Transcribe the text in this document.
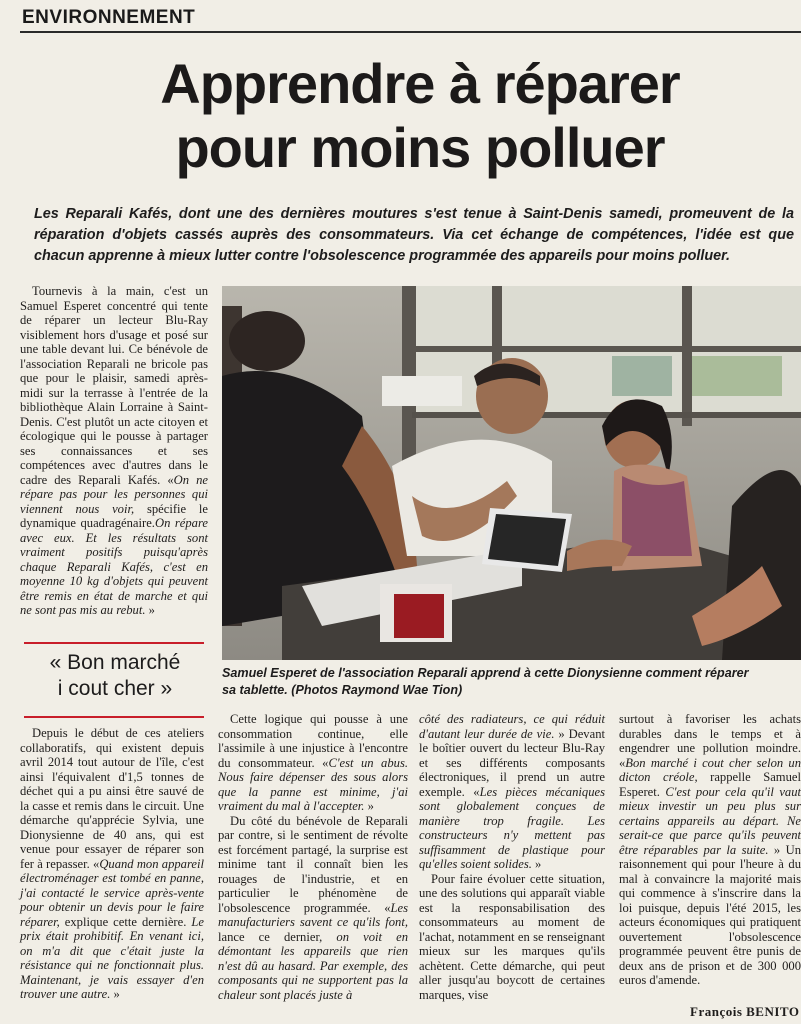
ENVIRONNEMENT
Apprendre à réparer
pour moins polluer
Les Reparali Kafés, dont une des dernières moutures s'est tenue à Saint-Denis samedi, promeuvent de la réparation d'objets cassés auprès des consommateurs. Via cet échange de compétences, l'idée est que chacun apprenne à mieux lutter contre l'obsolescence programmée des appareils pour moins polluer.

Tournevis à la main, c'est un Samuel Esperet concentré qui tente de réparer un lecteur Blu-Ray visiblement hors d'usage et posé sur une table devant lui. Ce bénévole de l'association Reparali ne bricole pas que pour le plaisir, samedi après-midi sur la terrasse à l'entrée de la bibliothèque Alain Lorraine à Saint-Denis. C'est plutôt un acte citoyen et écologique qui le pousse à partager ses connaissances et ses compétences avec d'autres dans le cadre des Reparali Kafés. «On ne répare pas pour les personnes qui viennent nous voir, spécifie le dynamique quadragénaire.On répare avec eux. Et les résultats sont vraiment positifs puisqu'après chaque Reparali Kafés, c'est en moyenne 10 kg d'objets qui peuvent être remis en état de marche et qui ne sont pas mis au rebut. »

« Bon marché
i cout cher »

Depuis le début de ces ateliers collaboratifs, qui existent depuis avril 2014 tout autour de l'île, c'est ainsi l'équivalent d'1,5 tonnes de déchet qui a pu ainsi être sauvé de la casse et remis dans le circuit. Une démarche qu'apprécie Sylvia, une Dionysienne de 40 ans, qui est venue pour essayer de réparer son fer à repasser. «Quand mon appareil électroménager est tombé en panne, j'ai contacté le service après-vente pour obtenir un devis pour le faire réparer, explique cette dernière. Le prix était prohibitif. En venant ici, on m'a dit que c'était juste la résistance qui ne fonctionnait plus. Maintenant, je vais essayer d'en trouver une autre. »

Samuel Esperet de l'association Reparali apprend à cette Dionysienne comment réparer
sa tablette. (Photos Raymond Wae Tion)

Cette logique qui pousse à une consommation continue, elle l'assimile à une injustice à l'encontre du consommateur. «C'est un abus. Nous faire dépenser des sous alors que la panne est minime, j'ai vraiment du mal à l'accepter. »

Du côté du bénévole de Reparali par contre, si le sentiment de révolte est forcément partagé, la surprise est minime tant il connaît bien les rouages de l'industrie, et en particulier le phénomène de l'obsolescence programmée. «Les manufacturiers savent ce qu'ils font, lance ce dernier, on voit en démontant les appareils que rien n'est dû au hasard. Par exemple, des composants qui ne supportent pas la chaleur sont placés juste à

côté des radiateurs, ce qui réduit d'autant leur durée de vie. » Devant le boîtier ouvert du lecteur Blu-Ray et ses différents composants électroniques, il prend un autre exemple. «Les pièces mécaniques sont globalement conçues de manière trop fragile. Les constructeurs n'y mettent pas suffisamment de plastique pour qu'elles soient solides. »

Pour faire évoluer cette situation, une des solutions qui apparaît viable est la responsabilisation des consommateurs au moment de l'achat, notamment en se renseignant mieux sur les marques qu'ils achètent. Cette démarche, qui peut aller jusqu'au boycott de certaines marques, vise

surtout à favoriser les achats durables dans le temps et à engendrer une pollution moindre. «Bon marché i cout cher selon un dicton créole, rappelle Samuel Esperet. C'est pour cela qu'il vaut mieux investir un peu plus sur certains appareils au départ. Ne serait-ce que parce qu'ils peuvent être réparables par la suite. » Un raisonnement qui pour l'heure à du mal à convaincre la majorité mais qui commence à s'inscrire dans la loi puisque, depuis l'été 2015, les acteurs économiques qui pratiquent ouvertement l'obsolescence programmée peuvent être punis de deux ans de prison et de 300 000 euros d'amende.

François BENITO
